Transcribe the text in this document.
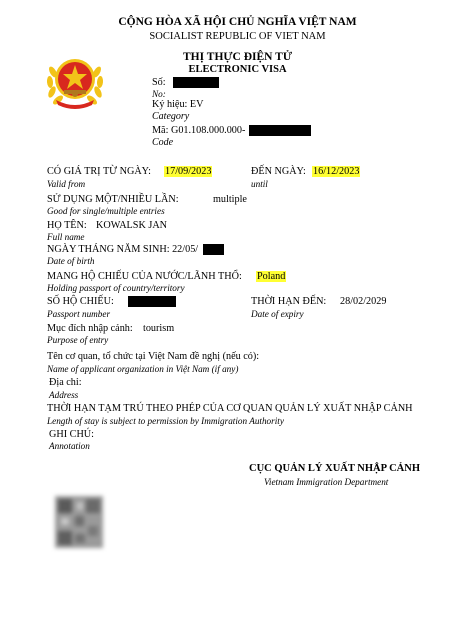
CỘNG HÒA XÃ HỘI CHỦ NGHĨA VIỆT NAM
SOCIALIST REPUBLIC OF VIET NAM
THỊ THỰC ĐIỆN TỬ
ELECTRONIC VISA
Số:
No:
Ký hiệu: EV
Category
Mã: G01.108.000.000-
Code
CÓ GIÁ TRỊ TỪ NGÀY: 17/09/2023
Valid from
ĐẾN NGÀY: 16/12/2023
until
SỬ DỤNG MỘT/NHIỀU LẦN:	multiple
Good for single/multiple entries
HỌ TÊN: KOWALSK JAN
Full name
NGÀY THÁNG NĂM SINH: 22/05/
Date of birth
MANG HỘ CHIẾU CỦA NƯỚC/LÃNH THỔ: Poland
Holding passport of country/territory
SỐ HỘ CHIẾU:
Passport number
THỜI HẠN ĐẾN: 28/02/2029
Date of expiry
Mục đích nhập cảnh: tourism
Purpose of entry
Tên cơ quan, tổ chức tại Việt Nam đề nghị (nếu có):
Name of applicant organization in Việt Nam (if any)
Địa chỉ:
Address
THỜI HẠN TẠM TRÚ THEO PHÉP CỦA CƠ QUAN QUẢN LÝ XUẤT NHẬP CẢNH
Length of stay is subject to permission by Immigration Authority
GHI CHÚ:
Annotation
CỤC QUẢN LÝ XUẤT NHẬP CẢNH
Vietnam Immigration Department
